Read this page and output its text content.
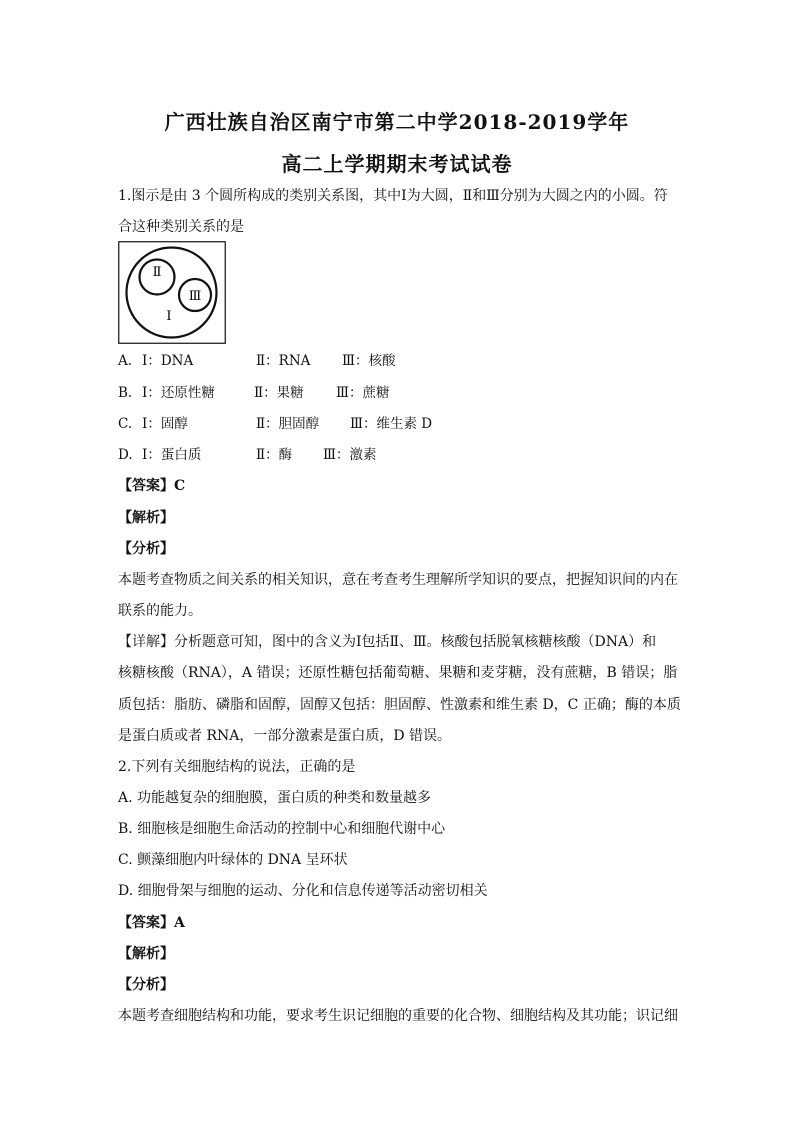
广西壮族自治区南宁市第二中学2018-2019学年
高二上学期期末考试试卷
1.图示是由 3 个圆所构成的类别关系图，其中Ⅰ为大圆，Ⅱ和Ⅲ分别为大圆之内的小圆。符
合这种类别关系的是
Ⅱ
Ⅲ
Ⅰ
A. Ⅰ：DNA	Ⅱ：RNA Ⅲ：核酸
B. Ⅰ：还原性糖	Ⅱ：果糖 Ⅲ：蔗糖
C. Ⅰ：固醇	Ⅱ：胆固醇 Ⅲ：维生素 D
D. Ⅰ：蛋白质	Ⅱ：酶 Ⅲ：激素
【答案】C
【解析】
【分析】
本题考查物质之间关系的相关知识，意在考查考生理解所学知识的要点，把握知识间的内在
联系的能力。
【详解】分析题意可知，图中的含义为Ⅰ包括Ⅱ、Ⅲ。核酸包括脱氧核糖核酸（DNA）和
核糖核酸（RNA），A 错误；还原性糖包括葡萄糖、果糖和麦芽糖，没有蔗糖，B 错误；脂
质包括：脂肪、磷脂和固醇，固醇又包括：胆固醇、性激素和维生素 D，C 正确；酶的本质
是蛋白质或者 RNA，一部分激素是蛋白质，D 错误。
2.下列有关细胞结构的说法，正确的是
A. 功能越复杂的细胞膜，蛋白质的种类和数量越多
B. 细胞核是细胞生命活动的控制中心和细胞代谢中心
C. 颤藻细胞内叶绿体的 DNA 呈环状
D. 细胞骨架与细胞的运动、分化和信息传递等活动密切相关
【答案】A
【解析】
【分析】
本题考查细胞结构和功能，要求考生识记细胞的重要的化合物、细胞结构及其功能；识记细
